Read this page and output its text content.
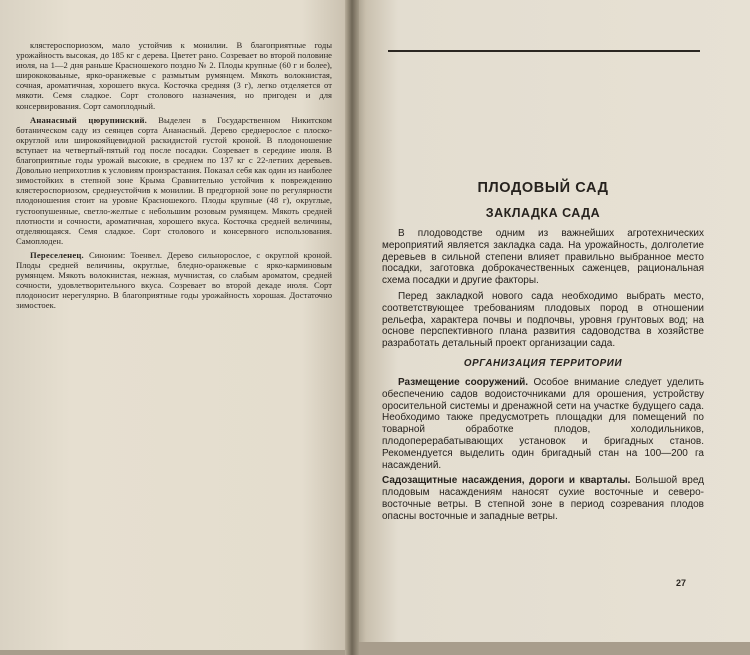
клястероспориозом, мало устойчив к монилии. В благоприятные годы урожайность высокая, до 185 кг с дерева. Цветет рано. Созревает во второй половине июля, на 1—2 дня раньше Красношекого поздно № 2. Плоды крупные (60 г и более), ширококоваьные, ярко-оранжевые с размытым румянцем. Мякоть волокнистая, сочная, ароматичная, хорошего вкуса. Косточка средняя (3 г), легко отделяется от мякоти. Семя сладкое. Сорт столового назначения, но пригоден и для консервирования. Сорт самоплодный.

Ананасный цюрупинский. Выделен в Государственном Никитском ботаническом саду из сеянцев сорта Ананасный. Дерево среднерослое с плоско-округлой или широкояйцевидной раскидистой густой кроной. В плодоношение вступает на четвертый-пятый год после посадки. Созревает в середине июля. В благоприятные годы урожай высокие, в среднем по 137 кг с 22-летних деревьев. Довольно неприхотлив к условиям произрастания. Показал себя как один из наиболее зимостойких в степной зоне Крыма Сравнительно устойчив к повреждению клястероспориозом, среднеустойчив к монилии. В предгорной зоне по регулярности плодоношения стоит на уровне Красношекого. Плоды крупные (48 г), округлые, густоопушенные, светло-желтые с небольшим розовым румянцем. Мякоть средней плотности и сочности, ароматичная, хорошего вкуса. Косточка средней величины, отделяющаяся. Семя сладкое. Сорт столового и консервного использования. Самоплоден.

Переселенец. Синоним: Тоенвел. Дерево сильнорослое, с округлой кроной. Плоды средней величины, округлые, бледно-оранжевые с ярко-карминовым румянцем. Мякоть волокнистая, нежная, мучнистая, со слабым ароматом, средней сочности, удовлетворительного вкуса. Созревает во второй декаде июля. Сорт плодоносит нерегулярно. В благоприятные годы урожайность хорошая. Достаточно зимостоек.

ПЛОДОВЫЙ САД
ЗАКЛАДКА САДА

В плодоводстве одним из важнейших агротехнических мероприятий является закладка сада. На урожайность, долголетие деревьев в сильной степени влияет правильно выбранное место посадки, заготовка доброкачественных саженцев, рациональная схема посадки и другие факторы.

Перед закладкой нового сада необходимо выбрать место, соответствующее требованиям плодовых пород в отношении рельефа, характера почвы и подпочвы, уровня грунтовых вод; на основе перспективного плана развития садоводства в хозяйстве разработать детальный проект организации сада.

ОРГАНИЗАЦИЯ ТЕРРИТОРИИ

Размещение сооружений. Особое внимание следует уделить обеспечению садов водоисточниками для орошения, устройству оросительной системы и дренажной сети на участке будущего сада. Необходимо также предусмотреть площадки для помещений по товарной обработке плодов, холодильников, плодоперерабатывающих установок и бригадных станов. Рекомендуется выделить один бригадный стан на 100—200 га насаждений.

Садозащитные насаждения, дороги и кварталы. Большой вред плодовым насаждениям наносят сухие восточные и северо-восточные ветры. В степной зоне в период созревания плодов опасны восточные и западные ветры.

27
